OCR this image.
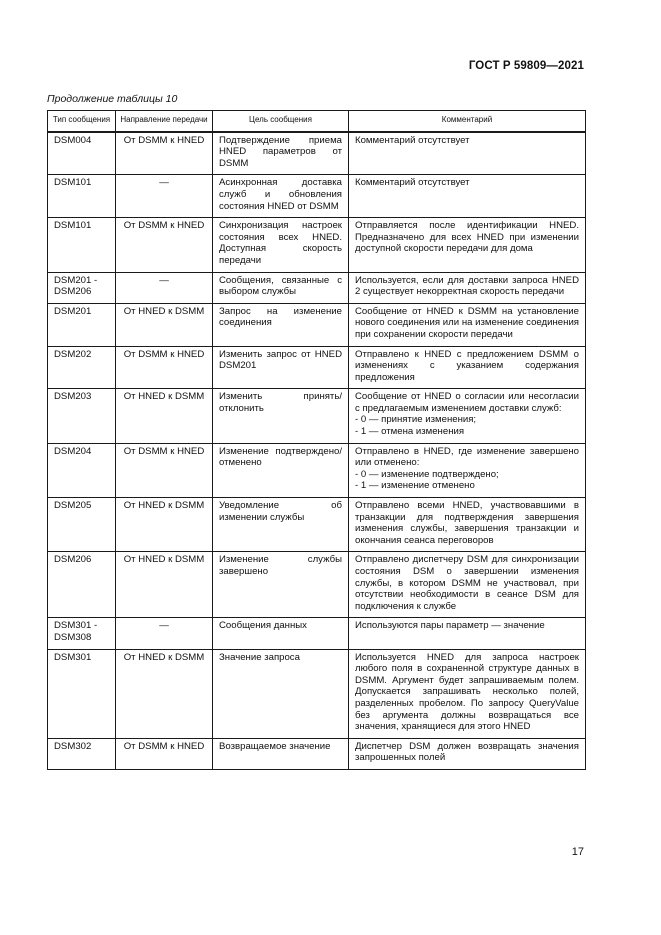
ГОСТ Р 59809—2021
Продолжение таблицы 10
Тип сообщения	Направление передачи	Цель сообщения	Комментарий
DSM004	От DSMM к HNED	Подтверждение приема HNED параметров от DSMM	Комментарий отсутствует
DSM101	—	Асинхронная доставка служб и обновления состояния HNED от DSMM	Комментарий отсутствует
DSM101	От DSMM к HNED	Синхронизация настроек состояния всех HNED. Доступная скорость передачи	Отправляется после идентификации HNED. Предназначено для всех HNED при изменении доступной скорости передачи для дома
DSM201 - DSM206	—	Сообщения, связанные с выбором службы	Используется, если для доставки запроса HNED 2 существует некорректная скорость передачи
DSM201	От HNED к DSMM	Запрос на изменение соединения	Сообщение от HNED к DSMM на установление нового соединения или на изменение соединения при сохранении скорости передачи
DSM202	От DSMM к HNED	Изменить запрос от HNED DSM201	Отправлено к HNED с предложением DSMM о изменениях с указанием содержания предложения
DSM203	От HNED к DSMM	Изменить принять/отклонить	Сообщение от HNED о согласии или несогласии с предлагаемым изменением доставки служб:
- 0 — принятие изменения;
- 1 — отмена изменения
DSM204	От DSMM к HNED	Изменение подтверждено/отменено	Отправлено в HNED, где изменение завершено или отменено:
- 0 — изменение подтверждено;
- 1 — изменение отменено
DSM205	От HNED к DSMM	Уведомление об изменении службы	Отправлено всеми HNED, участвовавшими в транзакции для подтверждения завершения изменения службы, завершения транзакции и окончания сеанса переговоров
DSM206	От HNED к DSMM	Изменение службы завершено	Отправлено диспетчеру DSM для синхронизации состояния DSM о завершении изменения службы, в котором DSMM не участвовал, при отсутствии необходимости в сеансе DSM для подключения к службе
DSM301 - DSM308	—	Сообщения данных	Используются пары параметр — значение
DSM301	От HNED к DSMM	Значение запроса	Используется HNED для запроса настроек любого поля в сохраненной структуре данных в DSMM. Аргумент будет запрашиваемым полем. Допускается запрашивать несколько полей, разделенных пробелом. По запросу QueryValue без аргумента должны возвращаться все значения, хранящиеся для этого HNED
DSM302	От DSMM к HNED	Возвращаемое значение	Диспетчер DSM должен возвращать значения запрошенных полей
17
